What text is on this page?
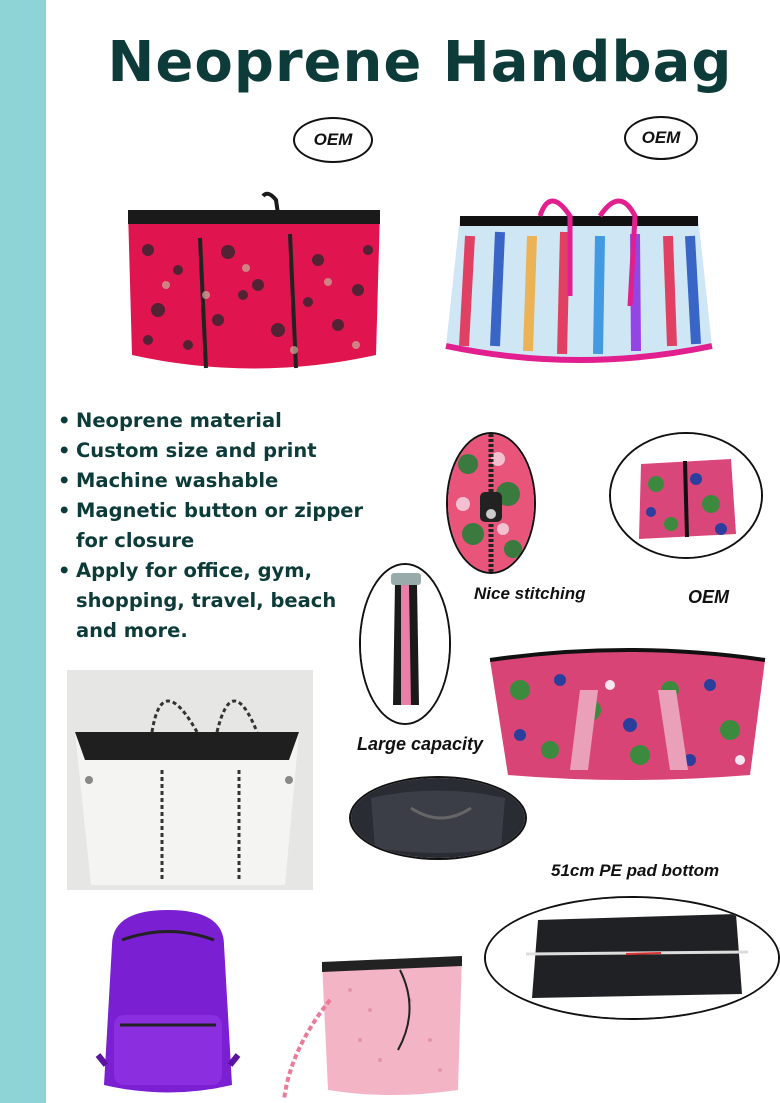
Neoprene Handbag
OEM	OEM
OEM
• Neoprene material
• Custom size and print
• Machine washable
• Magnetic button or zipper for closure
• Apply for office, gym, shopping, travel, beach and more.
Nice stitching
Large capacity
51cm PE pad bottom
